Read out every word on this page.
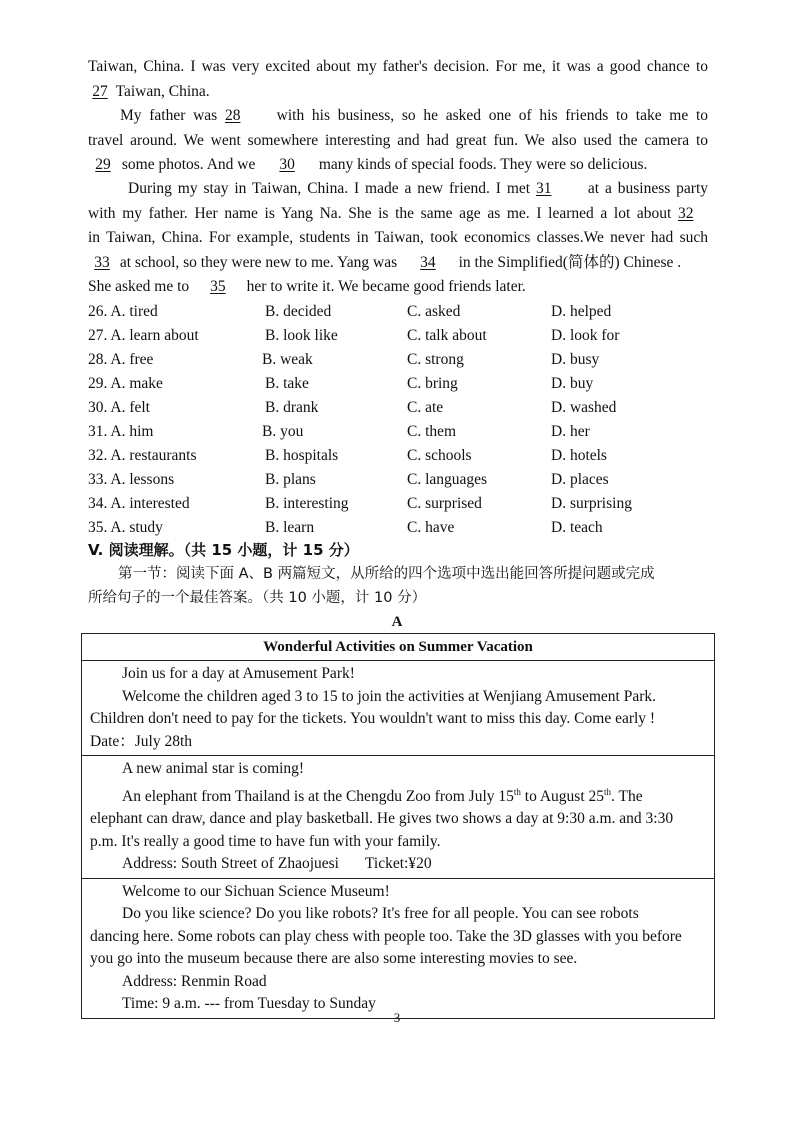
Taiwan, China. I was very excited about my father's decision. For me, it was a good chance to
27 Taiwan, China.
My father was 28 with his business, so he asked one of his friends to take me to
travel around. We went somewhere interesting and had great fun. We also used the camera to
29 some photos. And we 30 many kinds of special foods. They were so delicious.
During my stay in Taiwan, China. I made a new friend. I met 31 at a business party
with my father. Her name is Yang Na. She is the same age as me. I learned a lot about 32
in Taiwan, China. For example, students in Taiwan, took economics classes.We never had such
33 at school, so they were new to me. Yang was 34 in the Simplified(简体的) Chinese .
She asked me to 35 her to write it. We became good friends later.
26. A. tired	B. decided	C. asked	D. helped
27. A. learn about	B. look like	C. talk about	D. look for
28. A. free	B. weak	C. strong	D. busy
29. A. make	B. take	C. bring	D. buy
30. A. felt	B. drank	C. ate	D. washed
31. A. him	B. you	C. them	D. her
32. A. restaurants	B. hospitals	C. schools	D. hotels
33. A. lessons	B. plans	C. languages	D. places
34. A. interested	B. interesting	C. surprised	D. surprising
35. A. study	B. learn	C. have	D. teach
V. 阅读理解。（共 15 小题，计 15 分）
第一节：阅读下面 A、B 两篇短文，从所给的四个选项中选出能回答所提问题或完成
所给句子的一个最佳答案。（共 10 小题，计 10 分）
A
Wonderful Activities on Summer Vacation
Join us for a day at Amusement Park!
Welcome the children aged 3 to 15 to join the activities at Wenjiang Amusement Park.
Children don't need to pay for the tickets. You wouldn't want to miss this day. Come early !
Date：July 28th
A new animal star is coming!
An elephant from Thailand is at the Chengdu Zoo from July 15th to August 25th. The
elephant can draw, dance and play basketball. He gives two shows a day at 9:30 a.m. and 3:30
p.m. It's really a good time to have fun with your family.
Address: South Street of Zhaojuesi Ticket:¥20
Welcome to our Sichuan Science Museum!
Do you like science? Do you like robots? It's free for all people. You can see robots
dancing here. Some robots can play chess with people too. Take the 3D glasses with you before
you go into the museum because there are also some interesting movies to see.
Address: Renmin Road
Time: 9 a.m. --- from Tuesday to Sunday
3
